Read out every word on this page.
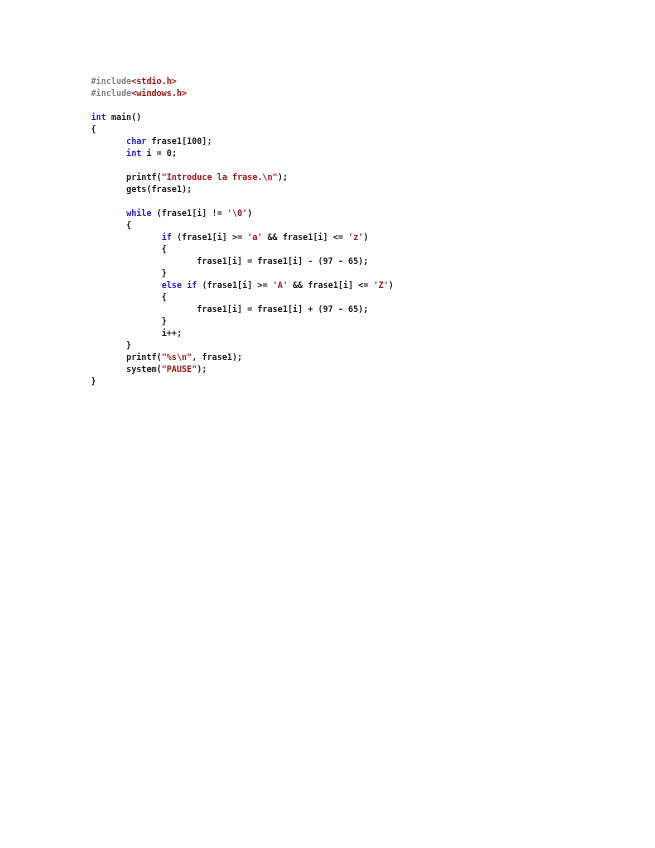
#include<stdio.h>
#include<windows.h>
int main()
{
char frase1[100];
int i = 0;
printf("Introduce la frase.\n");
gets(frase1);
while (frase1[i] != '\0')
{
if (frase1[i] >= 'a' && frase1[i] <= 'z')
{
frase1[i] = frase1[i] - (97 - 65);
}
else if (frase1[i] >= 'A' && frase1[i] <= 'Z')
{
frase1[i] = frase1[i] + (97 - 65);
}
i++;
}
printf("%s\n", frase1);
system("PAUSE");
}
